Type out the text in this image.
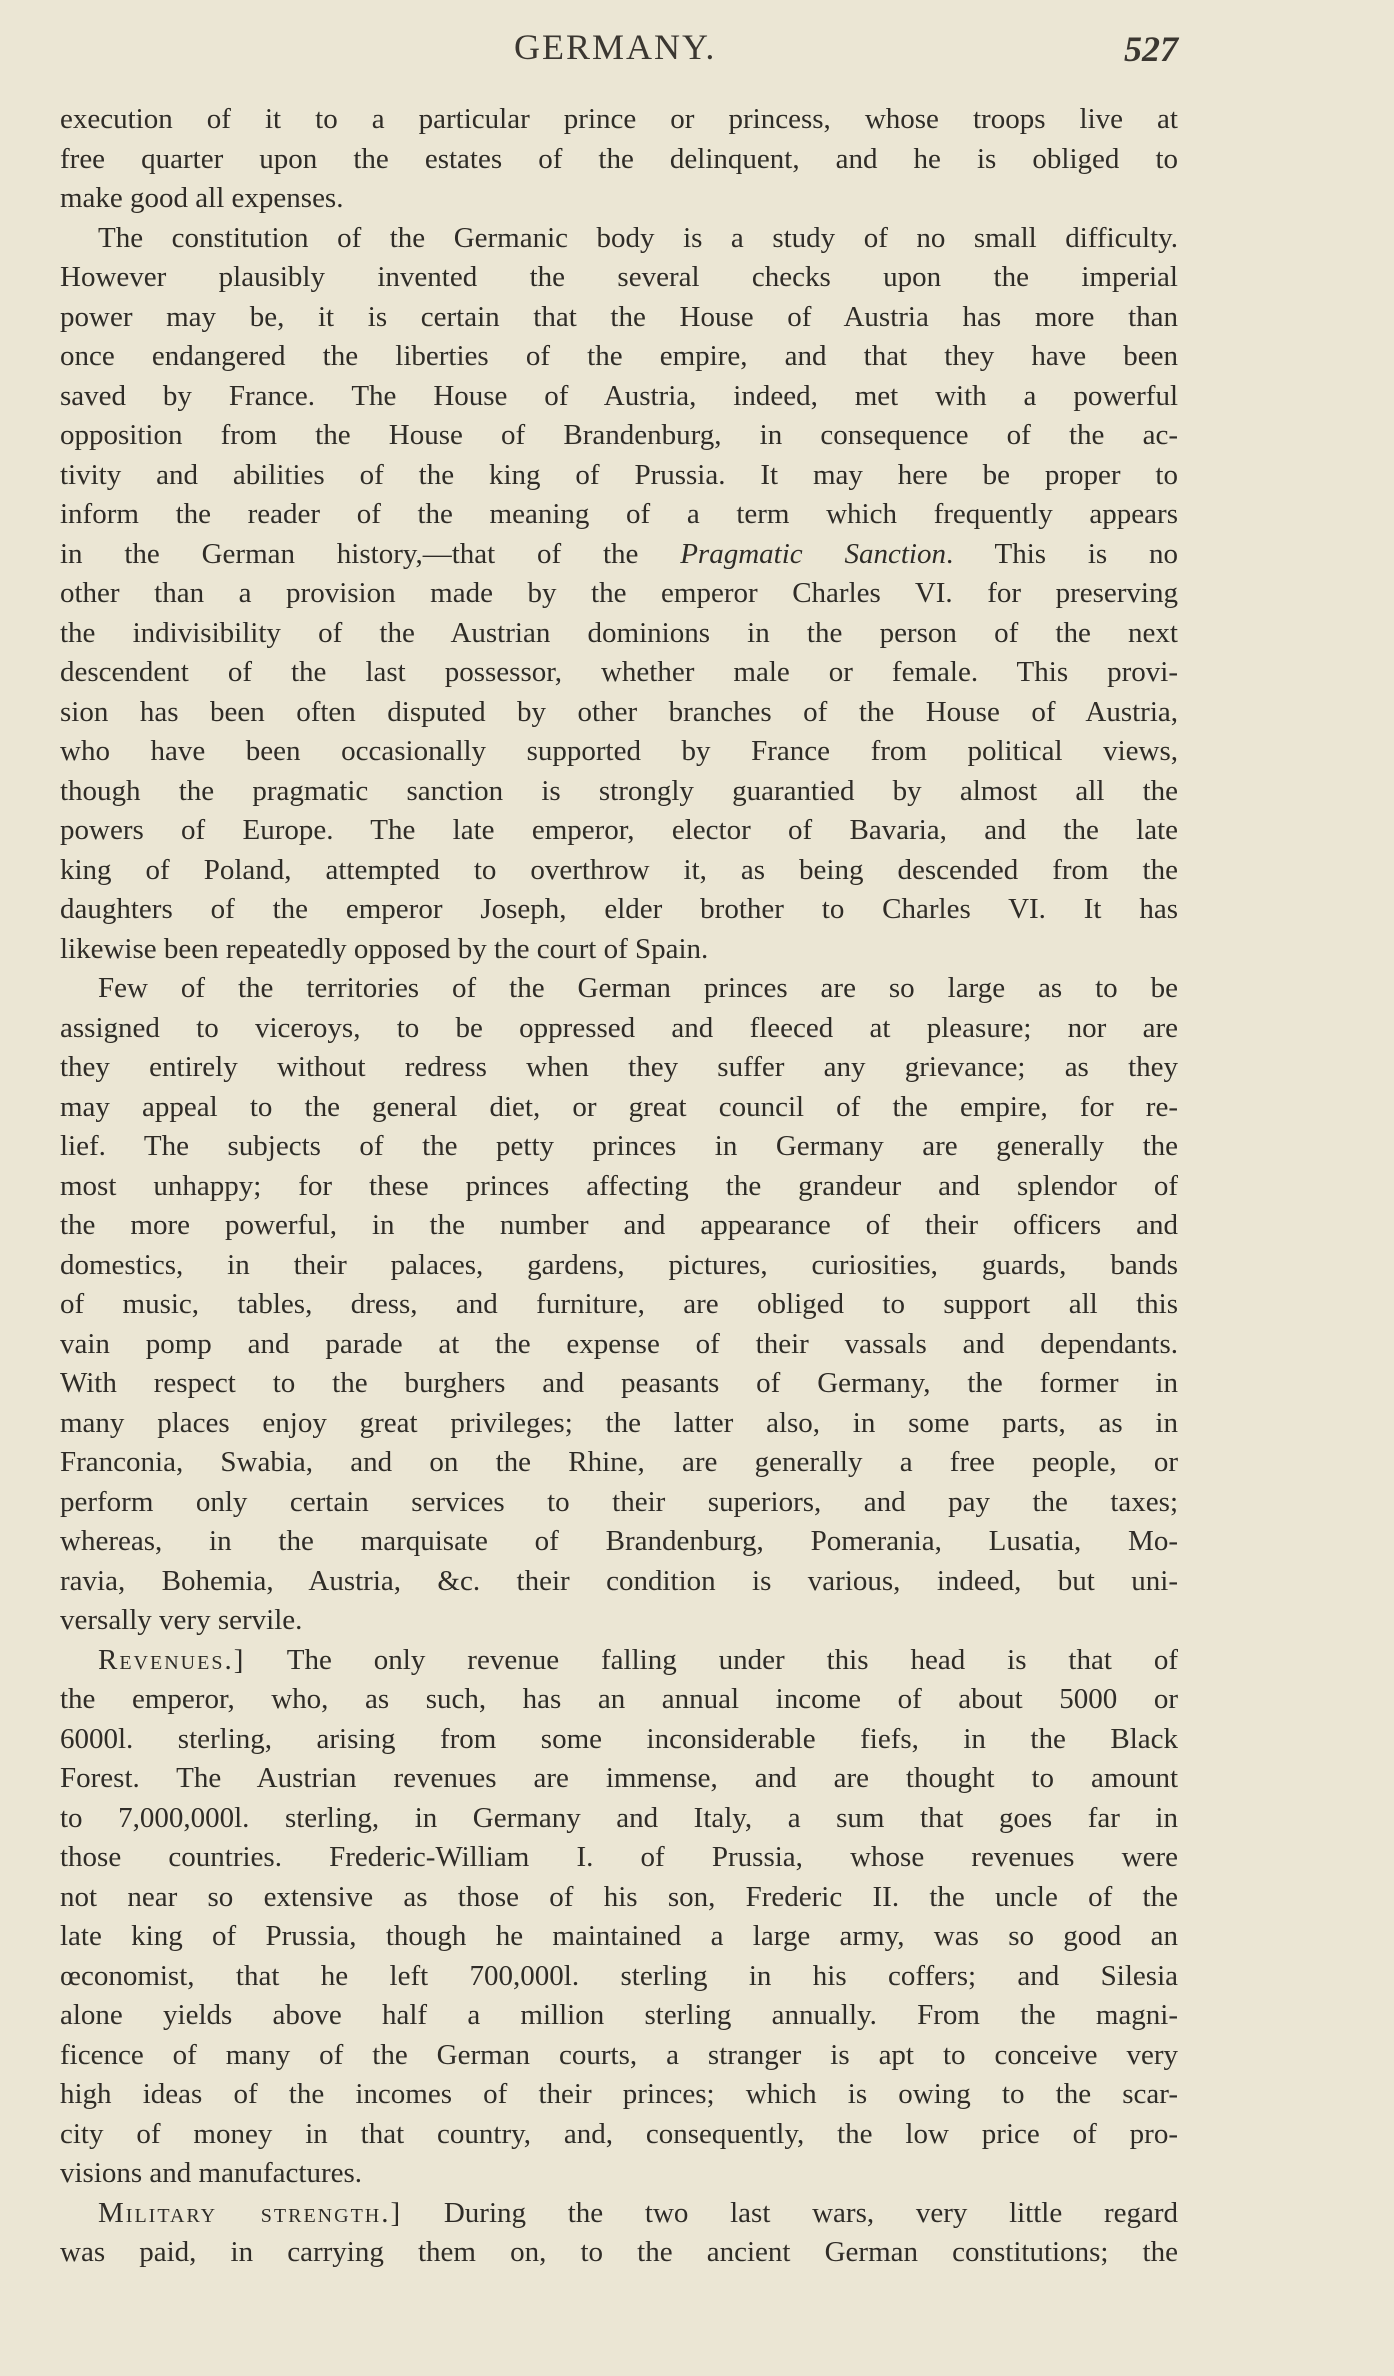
GERMANY.	527
execution of it to a particular prince or princess, whose troops live at
free quarter upon the estates of the delinquent, and he is obliged to
make good all expenses.
The constitution of the Germanic body is a study of no small difficulty.
However plausibly invented the several checks upon the imperial
power may be, it is certain that the House of Austria has more than
once endangered the liberties of the empire, and that they have been
saved by France. The House of Austria, indeed, met with a powerful
opposition from the House of Brandenburg, in consequence of the ac-
tivity and abilities of the king of Prussia. It may here be proper to
inform the reader of the meaning of a term which frequently appears
in the German history,—that of the Pragmatic Sanction. This is no
other than a provision made by the emperor Charles VI. for preserving
the indivisibility of the Austrian dominions in the person of the next
descendent of the last possessor, whether male or female. This provi-
sion has been often disputed by other branches of the House of Austria,
who have been occasionally supported by France from political views,
though the pragmatic sanction is strongly guarantied by almost all the
powers of Europe. The late emperor, elector of Bavaria, and the late
king of Poland, attempted to overthrow it, as being descended from the
daughters of the emperor Joseph, elder brother to Charles VI. It has
likewise been repeatedly opposed by the court of Spain.
Few of the territories of the German princes are so large as to be
assigned to viceroys, to be oppressed and fleeced at pleasure; nor are
they entirely without redress when they suffer any grievance; as they
may appeal to the general diet, or great council of the empire, for re-
lief. The subjects of the petty princes in Germany are generally the
most unhappy; for these princes affecting the grandeur and splendor of
the more powerful, in the number and appearance of their officers and
domestics, in their palaces, gardens, pictures, curiosities, guards, bands
of music, tables, dress, and furniture, are obliged to support all this
vain pomp and parade at the expense of their vassals and dependants.
With respect to the burghers and peasants of Germany, the former in
many places enjoy great privileges; the latter also, in some parts, as in
Franconia, Swabia, and on the Rhine, are generally a free people, or
perform only certain services to their superiors, and pay the taxes;
whereas, in the marquisate of Brandenburg, Pomerania, Lusatia, Mo-
ravia, Bohemia, Austria, &c. their condition is various, indeed, but uni-
versally very servile.
Revenues.] The only revenue falling under this head is that of
the emperor, who, as such, has an annual income of about 5000 or
6000l. sterling, arising from some inconsiderable fiefs, in the Black
Forest. The Austrian revenues are immense, and are thought to amount
to 7,000,000l. sterling, in Germany and Italy, a sum that goes far in
those countries. Frederic-William I. of Prussia, whose revenues were
not near so extensive as those of his son, Frederic II. the uncle of the
late king of Prussia, though he maintained a large army, was so good an
œconomist, that he left 700,000l. sterling in his coffers; and Silesia
alone yields above half a million sterling annually. From the magni-
ficence of many of the German courts, a stranger is apt to conceive very
high ideas of the incomes of their princes; which is owing to the scar-
city of money in that country, and, consequently, the low price of pro-
visions and manufactures.
Military strength.] During the two last wars, very little regard
was paid, in carrying them on, to the ancient German constitutions; the
